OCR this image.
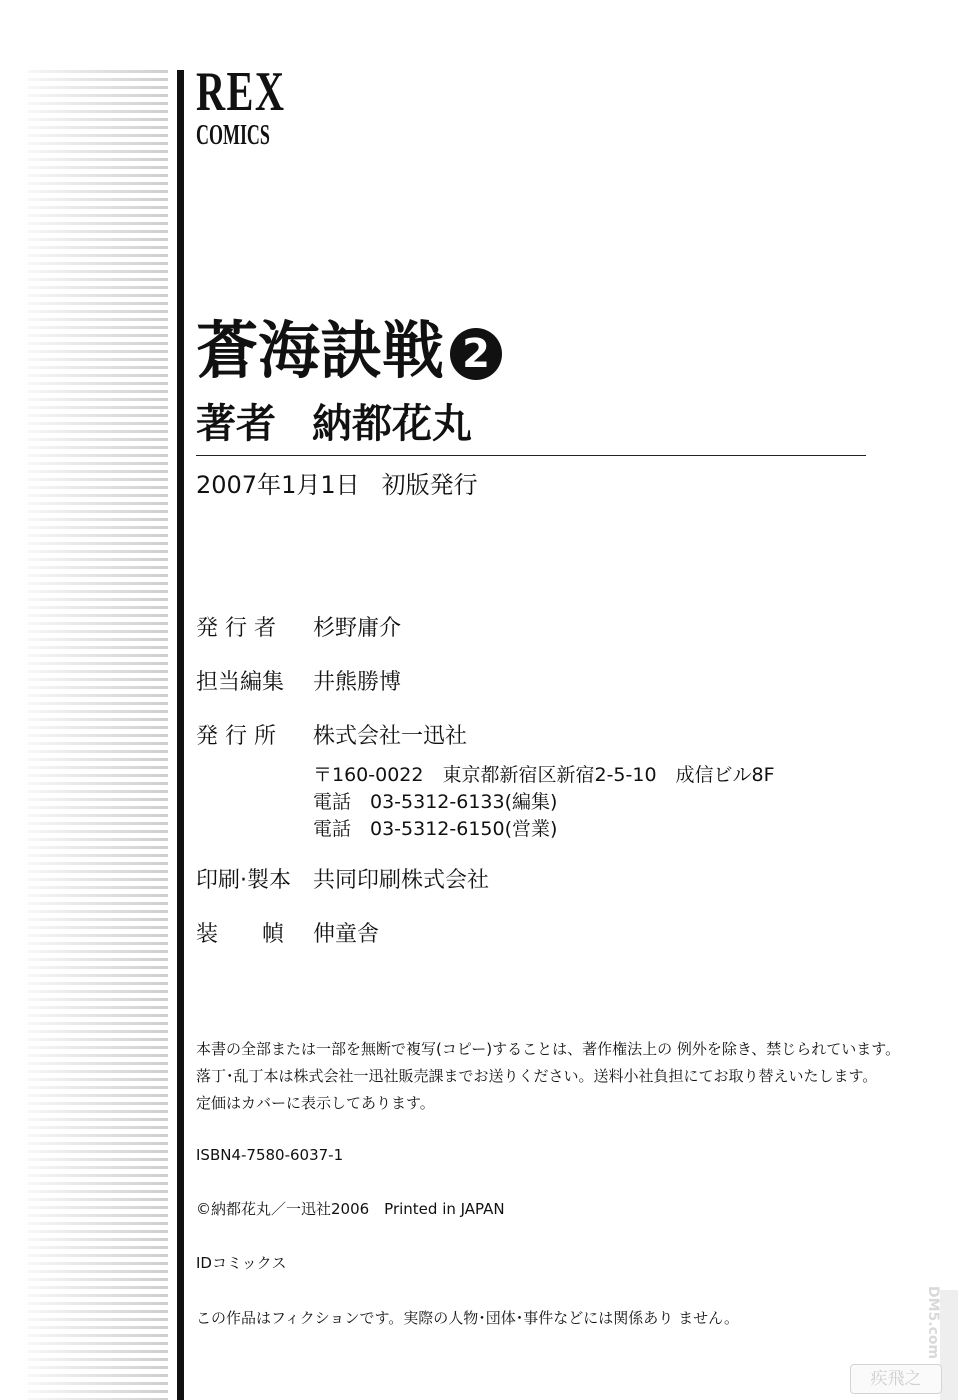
REX
COMICS
蒼海訣戦 2
著者 納都花丸
2007年1月1日 初版発行
発 行 者 杉野庸介
担当編集 井熊勝博
発 行 所 株式会社一迅社
〒160-0022　東京都新宿区新宿2-5-10　成信ビル8F
電話　03-5312-6133(編集)
電話　03-5312-6150(営業)
印刷·製本 共同印刷株式会社
装　　幀 伸童舎
本書の全部または一部を無断で複写(コピー)することは、著作権法上の 例外を除き、禁じられています。
落丁･乱丁本は株式会社一迅社販売課までお送りください。送料小社負担にてお取り替えいたします。
定価はカバーに表示してあります。
ISBN4-7580-6037-1
©納都花丸／一迅社2006　Printed in JAPAN
IDコミックス
この作品はフィクションです。実際の人物･団体･事件などには関係あり ません。	DM5.com
疾飛之
